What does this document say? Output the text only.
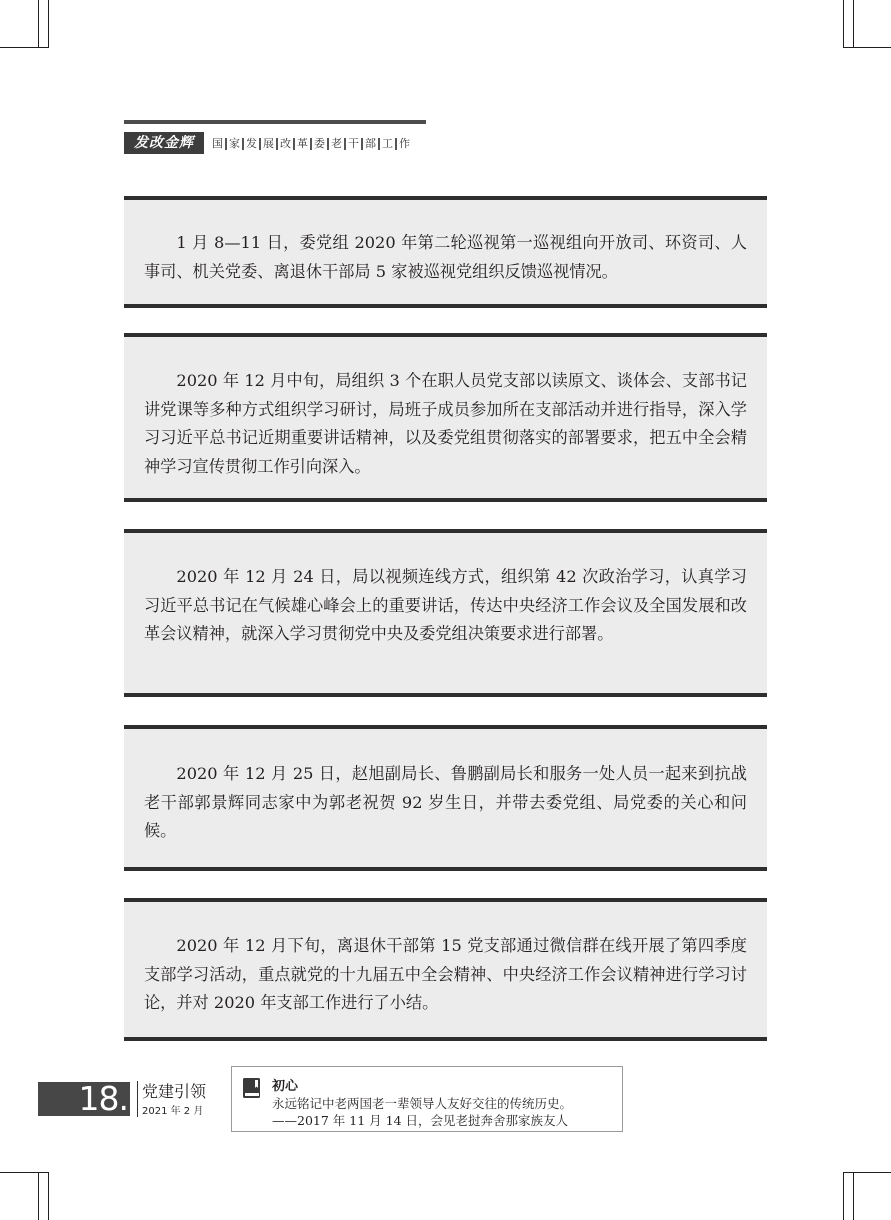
发改金辉	国 家 发 展 改 革 委 老 干 部 工 作

1 月 8—11 日，委党组 2020 年第二轮巡视第一巡视组向开放司、环资司、人事司、机关党委、离退休干部局 5 家被巡视党组织反馈巡视情况。

2020 年 12 月中旬，局组织 3 个在职人员党支部以读原文、谈体会、支部书记讲党课等多种方式组织学习研讨，局班子成员参加所在支部活动并进行指导，深入学习习近平总书记近期重要讲话精神，以及委党组贯彻落实的部署要求，把五中全会精神学习宣传贯彻工作引向深入。

2020 年 12 月 24 日，局以视频连线方式，组织第 42 次政治学习，认真学习习近平总书记在气候雄心峰会上的重要讲话，传达中央经济工作会议及全国发展和改革会议精神，就深入学习贯彻党中央及委党组决策要求进行部署。

2020 年 12 月 25 日，赵旭副局长、鲁鹏副局长和服务一处人员一起来到抗战老干部郭景辉同志家中为郭老祝贺 92 岁生日，并带去委党组、局党委的关心和问候。

2020 年 12 月下旬，离退休干部第 15 党支部通过微信群在线开展了第四季度支部学习活动，重点就党的十九届五中全会精神、中央经济工作会议精神进行学习讨论，并对 2020 年支部工作进行了小结。

18. 党建引领
2021 年 2 月
初心
永远铭记中老两国老一辈领导人友好交往的传统历史。
——2017 年 11 月 14 日，会见老挝奔舍那家族友人
